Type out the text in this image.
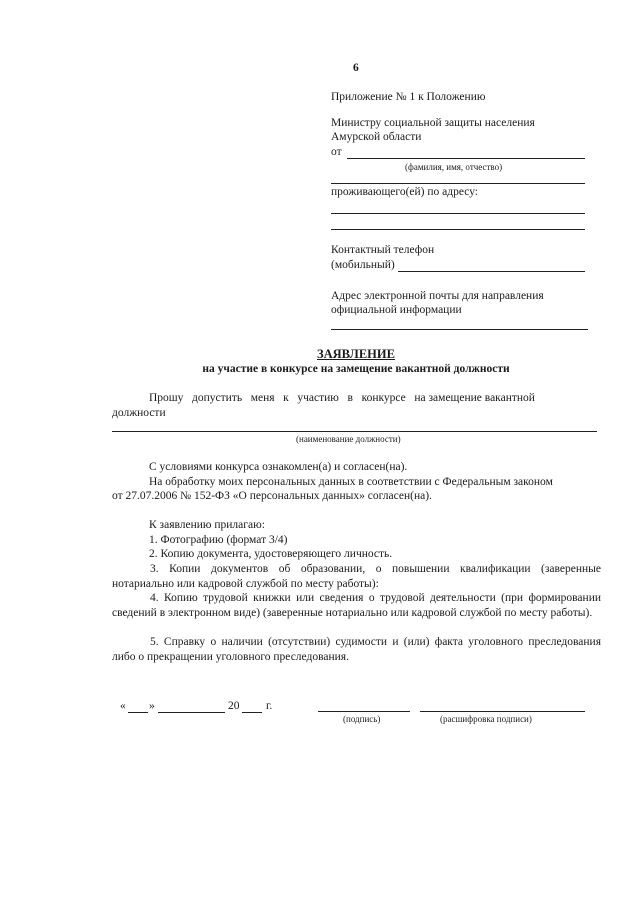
6
Приложение № 1 к Положению
Министру социальной защиты населения
Амурской области
от
(фамилия, имя, отчество)
проживающего(ей) по адресу:
Контактный телефон
(мобильный)
Адрес электронной почты для направления
официальной информации
ЗАЯВЛЕНИЕ
на участие в конкурсе на замещение вакантной должности
Прошу   допустить   меня   к   участию   в   конкурсе   на замещение вакантной
должности
(наименование должности)
С условиями конкурса ознакомлен(а) и согласен(на).
На обработку моих персональных данных в соответствии с Федеральным законом
от 27.07.2006 № 152-ФЗ «О персональных данных» согласен(на).
К заявлению прилагаю:
1. Фотографию (формат 3/4)
2. Копию документа, удостоверяющего личность.
3. Копии документов об образовании, о повышении квалификации (заверенные нотариально или кадровой службой по месту работы):
4. Копию трудовой книжки или сведения о трудовой деятельности (при формировании сведений в электронном виде) (заверенные нотариально или кадровой службой по месту работы).
5. Справку о наличии (отсутствии) судимости и (или) факта уголовного преследования либо о прекращении уголовного преследования.
« »	20 г.
(подпись)	(расшифровка подписи)
